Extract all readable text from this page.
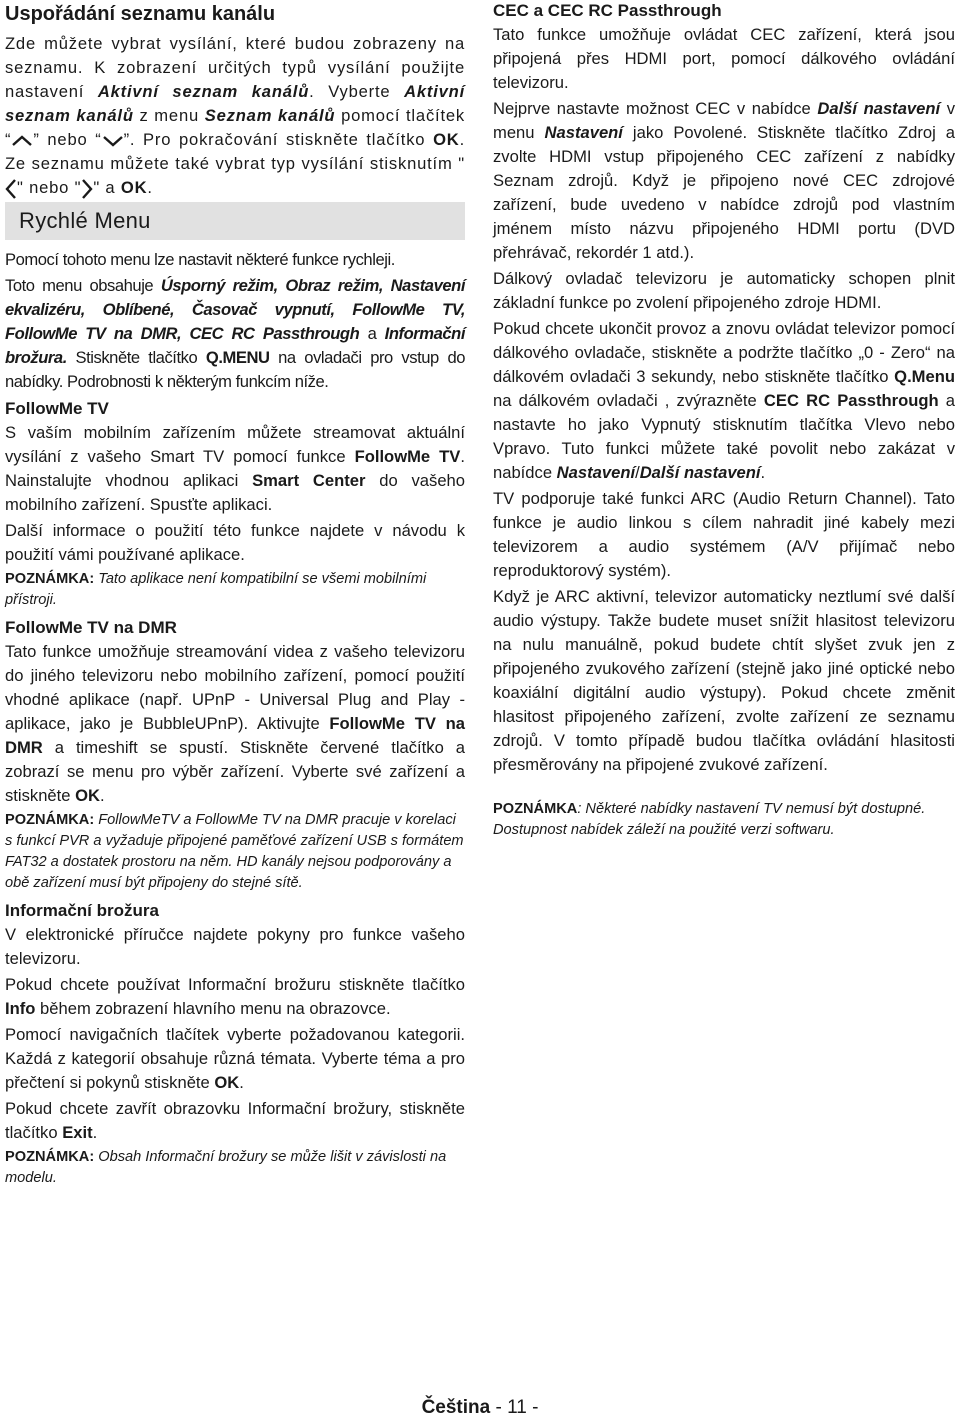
Uspořádání seznamu kanálu

Zde můžete vybrat vysílání, které budou zobrazeny na seznamu. K zobrazení určitých typů vysílání použijte nastavení Aktivní seznam kanálů. Vyberte Aktivní seznam kanálů z menu Seznam kanálů pomocí tlačítek “ ” nebo “ ”. Pro pokračování stiskněte tlačítko OK. Ze seznamu můžete také vybrat typ vysílání stisknutím "
" nebo " " a OK.

Rychlé Menu

Pomocí tohoto menu lze nastavit některé funkce rychleji.

Toto menu obsahuje Úsporný režim, Obraz režim, Nastavení ekvalizéru, Oblíbené, Časovač vypnutí, FollowMe TV, FollowMe TV na DMR, CEC RC Passthrough a Informační brožura. Stiskněte tlačítko Q.MENU na ovladači pro vstup do nabídky. Podrobnosti k některým funkcím níže.

FollowMe TV

S vaším mobilním zařízením můžete streamovat aktuální vysílání z vašeho Smart TV pomocí funkce FollowMe TV. Nainstalujte vhodnou aplikaci Smart Center do vašeho mobilního zařízení. Spusťte aplikaci.

Další informace o použití této funkce najdete v návodu k použití vámi používané aplikace.

POZNÁMKA: Tato aplikace není kompatibilní se všemi mobilními přístroji.
FollowMe TV na DMR

Tato funkce umožňuje streamování videa z vašeho televizoru do jiného televizoru nebo mobilního zařízení, pomocí použití vhodné aplikace (např. UPnP - Universal Plug and Play - aplikace, jako je BubbleUPnP). Aktivujte FollowMe TV na DMR a timeshift se spustí. Stiskněte červené tlačítko a zobrazí se menu pro výběr zařízení. Vyberte své zařízení a stiskněte OK.

POZNÁMKA: FollowMeTV a FollowMe TV na DMR pracuje v korelaci s funkcí PVR a vyžaduje připojené paměťové zařízení USB s formátem FAT32 a dostatek prostoru na něm. HD kanály nejsou podporovány a obě zařízení musí být připojeny do stejné sítě.
Informační brožura

V elektronické příručce najdete pokyny pro funkce vašeho televizoru.

Pokud chcete používat Informační brožuru stiskněte tlačítko Info během zobrazení hlavního menu na obrazovce.

Pomocí navigačních tlačítek vyberte požadovanou kategorii. Každá z kategorií obsahuje různá témata. Vyberte téma a pro přečtení si pokynů stiskněte OK.

Pokud chcete zavřít obrazovku Informační brožury, stiskněte tlačítko Exit.

POZNÁMKA: Obsah Informační brožury se může lišit v závislosti na modelu.
CEC a CEC RC Passthrough

Tato funkce umožňuje ovládat CEC zařízení, která jsou připojená přes HDMI port, pomocí dálkového ovládání televizoru.

Nejprve nastavte možnost CEC v nabídce Další nastavení v menu Nastavení jako Povolené. Stiskněte tlačítko Zdroj a zvolte HDMI vstup připojeného CEC zařízení z nabídky Seznam zdrojů. Když je připojeno nové CEC zdrojové zařízení, bude uvedeno v nabídce zdrojů pod vlastním jménem místo názvu připojeného HDMI portu (DVD přehrávač, rekordér 1 atd.).

Dálkový ovladač televizoru je automaticky schopen plnit základní funkce po zvolení připojeného zdroje HDMI.

Pokud chcete ukončit provoz a znovu ovládat televizor pomocí dálkového ovladače, stiskněte a podržte tlačítko „0 - Zero“ na dálkovém ovladači 3 sekundy, nebo stiskněte tlačítko Q.Menu na dálkovém ovladači , zvýrazněte CEC RC Passthrough a nastavte ho jako Vypnutý stisknutím tlačítka Vlevo nebo Vpravo. Tuto funkci můžete také povolit nebo zakázat v nabídce Nastavení/Další nastavení.

TV podporuje také funkci ARC (Audio Return Channel). Tato funkce je audio linkou s cílem nahradit jiné kabely mezi televizorem a audio systémem (A/V přijímač nebo reproduktorový systém).

Když je ARC aktivní, televizor automaticky neztlumí své další audio výstupy. Takže budete muset snížit hlasitost televizoru na nulu manuálně, pokud budete chtít slyšet zvuk jen z připojeného zvukového zařízení (stejně jako jiné optické nebo koaxiální digitální audio výstupy). Pokud chcete změnit hlasitost připojeného zařízení, zvolte zařízení ze seznamu zdrojů. V tomto případě budou tlačítka ovládání hlasitosti přesměrovány na připojené zvukové zařízení.

POZNÁMKA: Některé nabídky nastavení TV nemusí být dostupné. Dostupnost nabídek záleží na použité verzi softwaru.
Čeština - 11 -
